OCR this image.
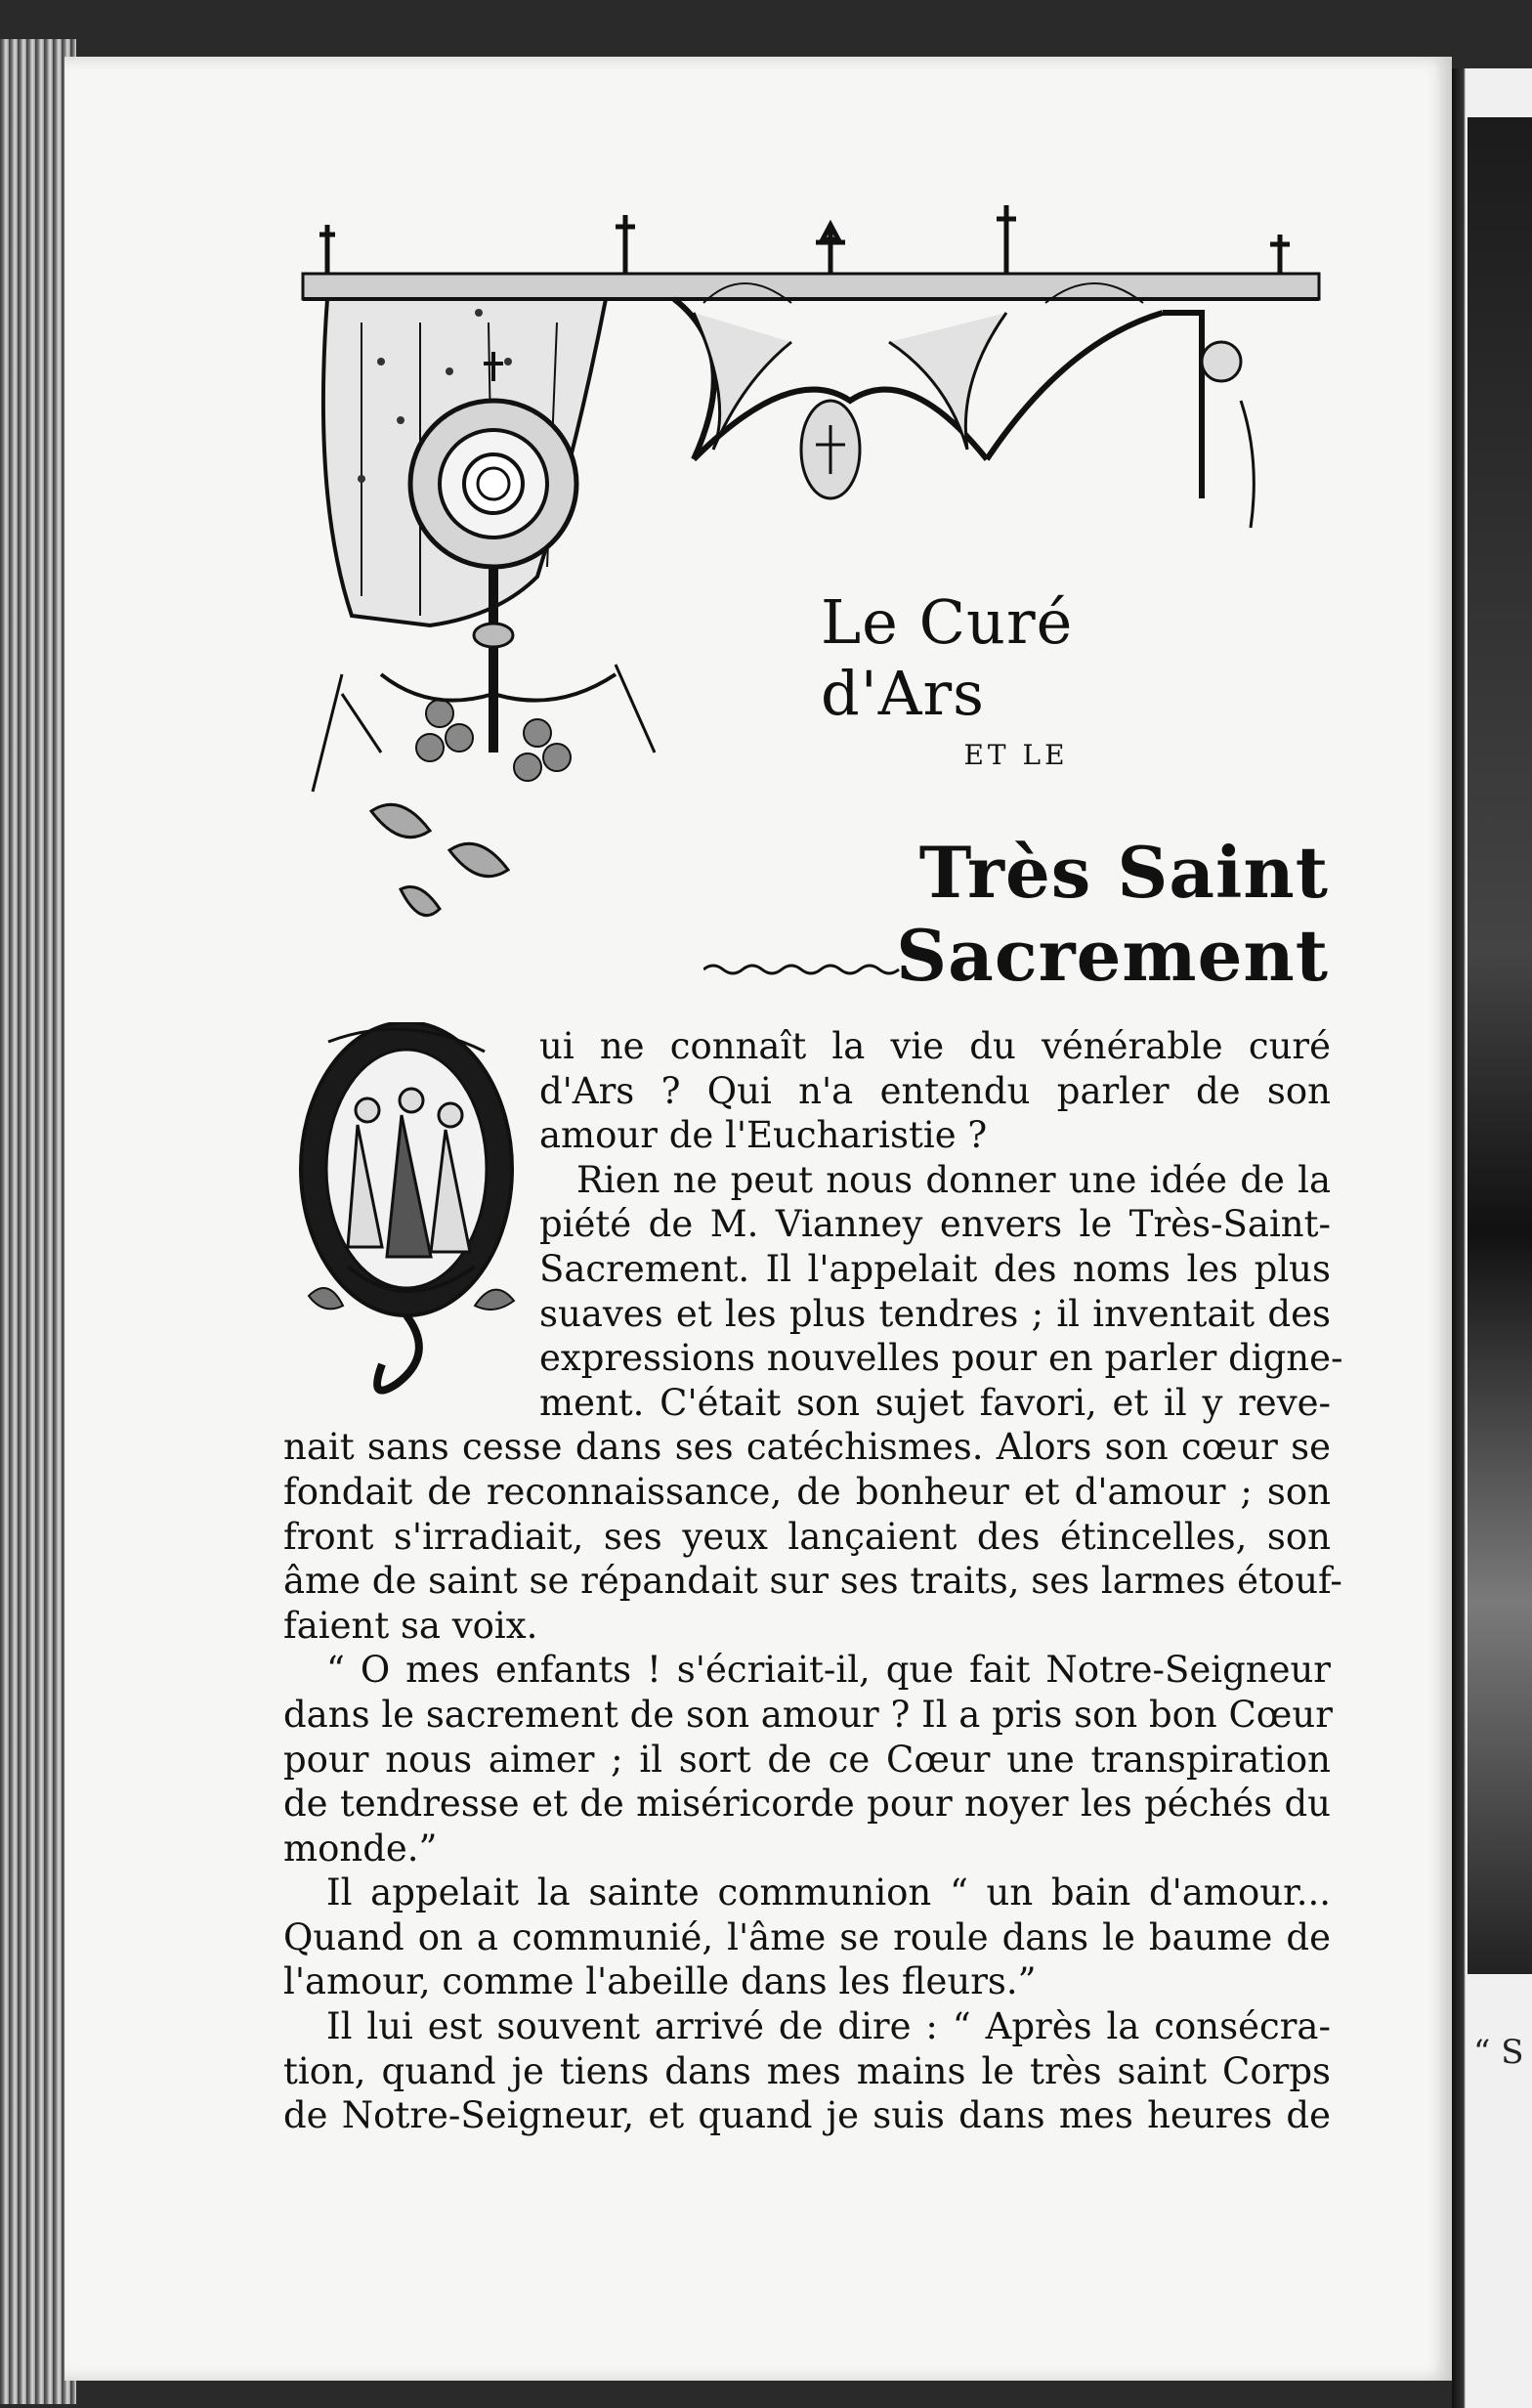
“ S
Le Curé d'Ars
ET LE
Très Saint Sacrement
ui ne connaît la vie du vénérable curé
d'Ars ? Qui n'a entendu parler de son
amour de l'Eucharistie ?
Rien ne peut nous donner une idée de la
piété de M. Vianney envers le Très-Saint-
Sacrement. Il l'appelait des noms les plus
suaves et les plus tendres ; il inventait des
expressions nouvelles pour en parler digne-
ment. C'était son sujet favori, et il y reve-
nait sans cesse dans ses catéchismes. Alors son cœur se
fondait de reconnaissance, de bonheur et d'amour ; son
front s'irradiait, ses yeux lançaient des étincelles, son
âme de saint se répandait sur ses traits, ses larmes étouf-
faient sa voix.
“ O mes enfants ! s'écriait-il, que fait Notre-Seigneur
dans le sacrement de son amour ? Il a pris son bon Cœur
pour nous aimer ; il sort de ce Cœur une transpiration
de tendresse et de miséricorde pour noyer les péchés du
monde.”
Il appelait la sainte communion “ un bain d'amour...
Quand on a communié, l'âme se roule dans le baume de
l'amour, comme l'abeille dans les fleurs.”
Il lui est souvent arrivé de dire : “ Après la consécra-
tion, quand je tiens dans mes mains le très saint Corps
de Notre-Seigneur, et quand je suis dans mes heures de
